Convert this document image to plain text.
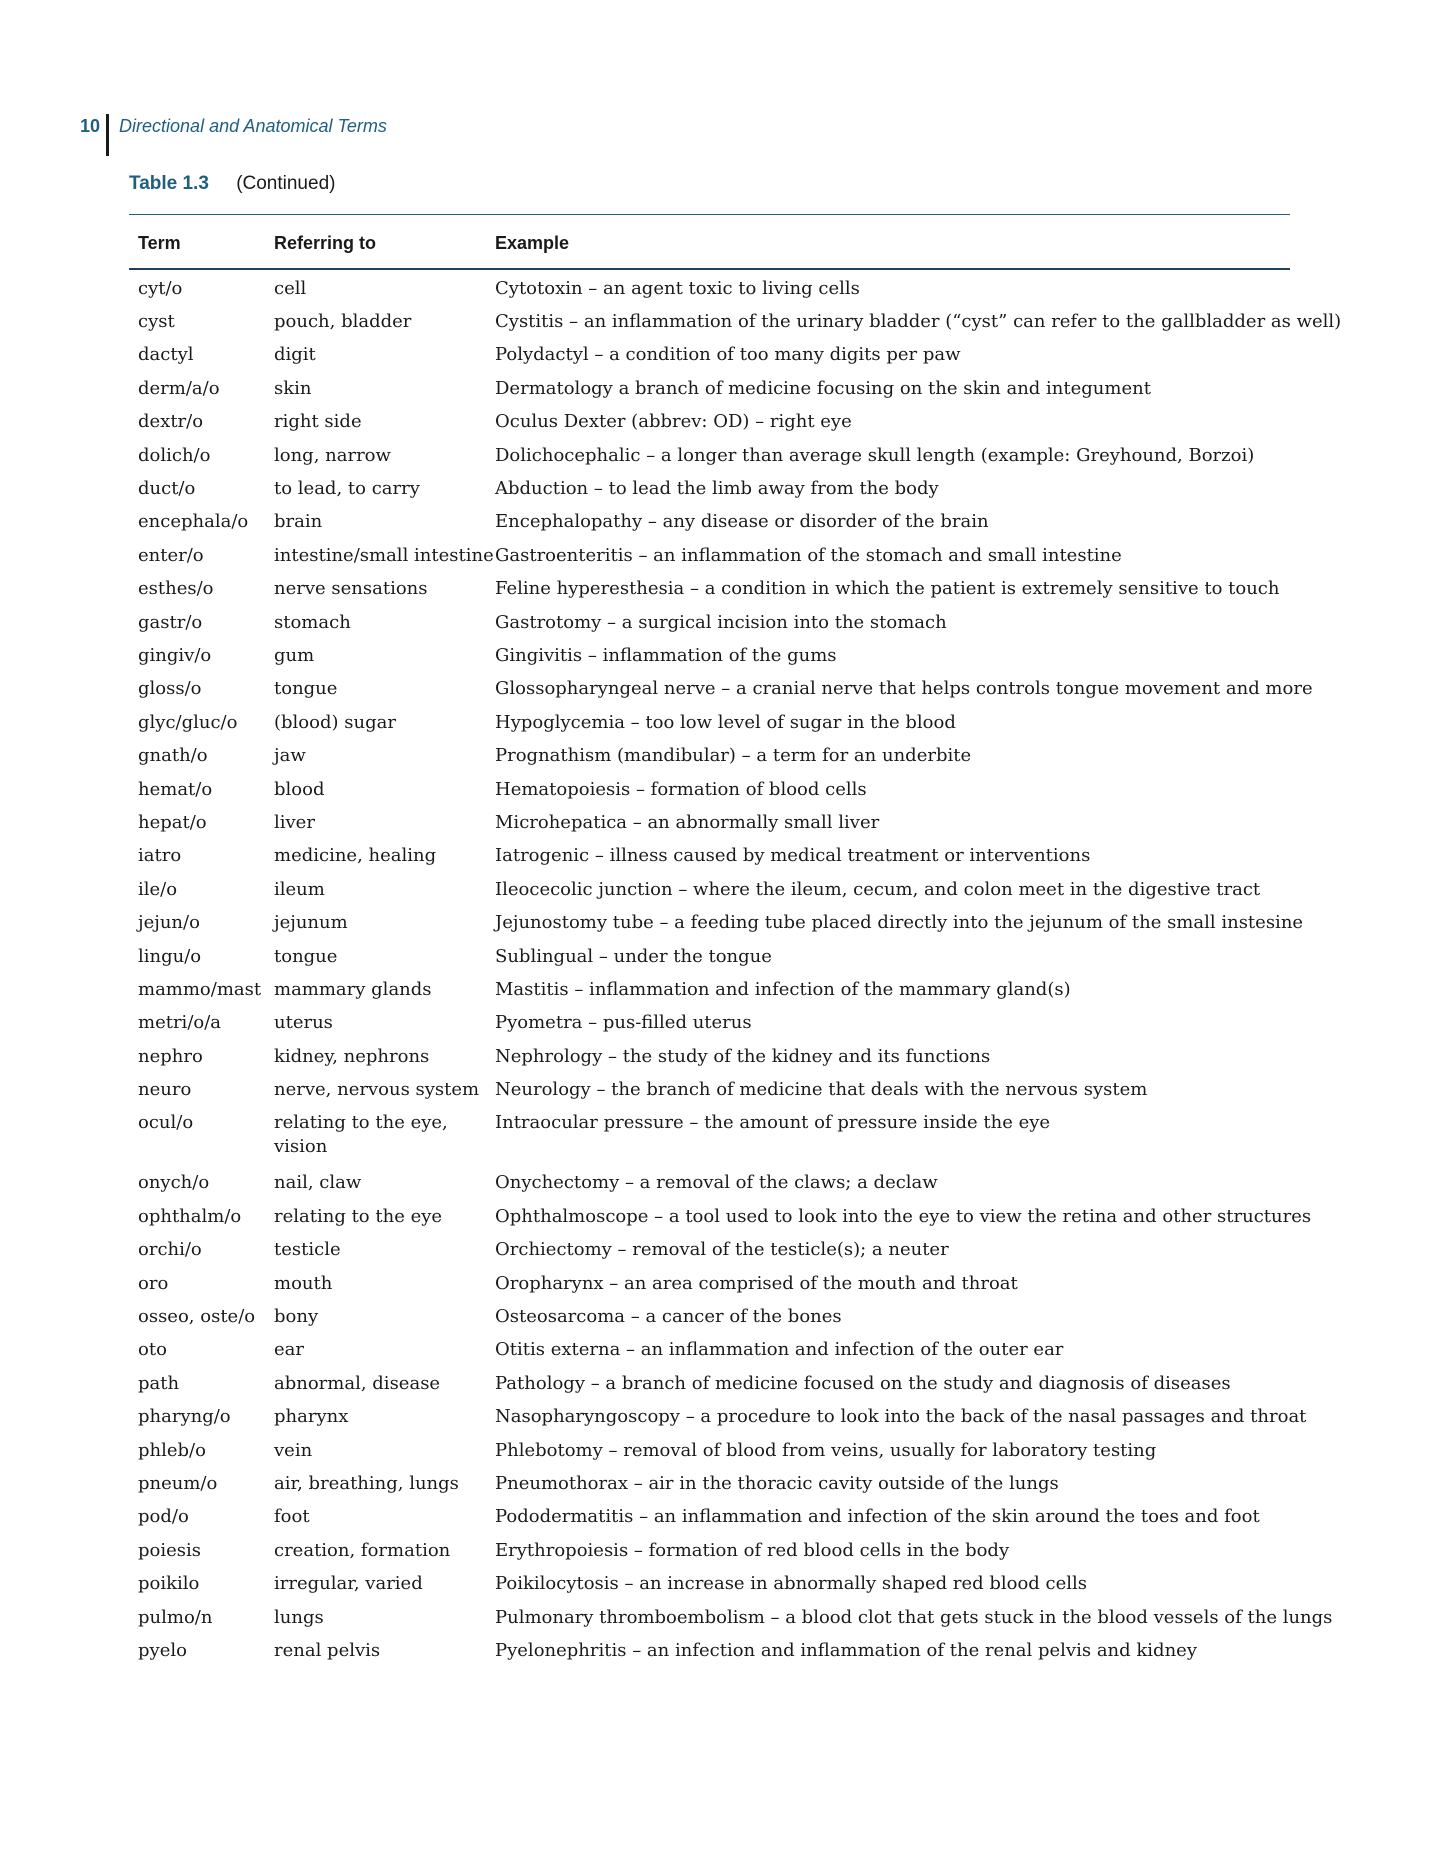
10	Directional and Anatomical Terms
Table 1.3 (Continued)
Term	Referring to	Example
cyt/o	cell	Cytotoxin – an agent toxic to living cells
cyst	pouch, bladder	Cystitis – an inflammation of the urinary bladder (“cyst” can refer to the gallbladder as well)
dactyl	digit	Polydactyl – a condition of too many digits per paw
derm/a/o	skin	Dermatology a branch of medicine focusing on the skin and integument
dextr/o	right side	Oculus Dexter (abbrev: OD) – right eye
dolich/o	long, narrow	Dolichocephalic – a longer than average skull length (example: Greyhound, Borzoi)
duct/o	to lead, to carry	Abduction – to lead the limb away from the body
encephala/o	brain	Encephalopathy – any disease or disorder of the brain
enter/o	intestine/small intestine	Gastroenteritis – an inflammation of the stomach and small intestine
esthes/o	nerve sensations	Feline hyperesthesia – a condition in which the patient is extremely sensitive to touch
gastr/o	stomach	Gastrotomy – a surgical incision into the stomach
gingiv/o	gum	Gingivitis – inflammation of the gums
gloss/o	tongue	Glossopharyngeal nerve – a cranial nerve that helps controls tongue movement and more
glyc/gluc/o	(blood) sugar	Hypoglycemia – too low level of sugar in the blood
gnath/o	jaw	Prognathism (mandibular) – a term for an underbite
hemat/o	blood	Hematopoiesis – formation of blood cells
hepat/o	liver	Microhepatica – an abnormally small liver
iatro	medicine, healing	Iatrogenic – illness caused by medical treatment or interventions
ile/o	ileum	Ileocecolic junction – where the ileum, cecum, and colon meet in the digestive tract
jejun/o	jejunum	Jejunostomy tube – a feeding tube placed directly into the jejunum of the small instesine
lingu/o	tongue	Sublingual – under the tongue
mammo/mast	mammary glands	Mastitis – inflammation and infection of the mammary gland(s)
metri/o/a	uterus	Pyometra – pus-filled uterus
nephro	kidney, nephrons	Nephrology – the study of the kidney and its functions
neuro	nerve, nervous system	Neurology – the branch of medicine that deals with the nervous system
ocul/o	relating to the eye, vision	Intraocular pressure – the amount of pressure inside the eye
onych/o	nail, claw	Onychectomy – a removal of the claws; a declaw
ophthalm/o	relating to the eye	Ophthalmoscope – a tool used to look into the eye to view the retina and other structures
orchi/o	testicle	Orchiectomy – removal of the testicle(s); a neuter
oro	mouth	Oropharynx – an area comprised of the mouth and throat
osseo, oste/o	bony	Osteosarcoma – a cancer of the bones
oto	ear	Otitis externa – an inflammation and infection of the outer ear
path	abnormal, disease	Pathology – a branch of medicine focused on the study and diagnosis of diseases
pharyng/o	pharynx	Nasopharyngoscopy – a procedure to look into the back of the nasal passages and throat
phleb/o	vein	Phlebotomy – removal of blood from veins, usually for laboratory testing
pneum/o	air, breathing, lungs	Pneumothorax – air in the thoracic cavity outside of the lungs
pod/o	foot	Pododermatitis – an inflammation and infection of the skin around the toes and foot
poiesis	creation, formation	Erythropoiesis – formation of red blood cells in the body
poikilo	irregular, varied	Poikilocytosis – an increase in abnormally shaped red blood cells
pulmo/n	lungs	Pulmonary thromboembolism – a blood clot that gets stuck in the blood vessels of the lungs
pyelo	renal pelvis	Pyelonephritis – an infection and inflammation of the renal pelvis and kidney
